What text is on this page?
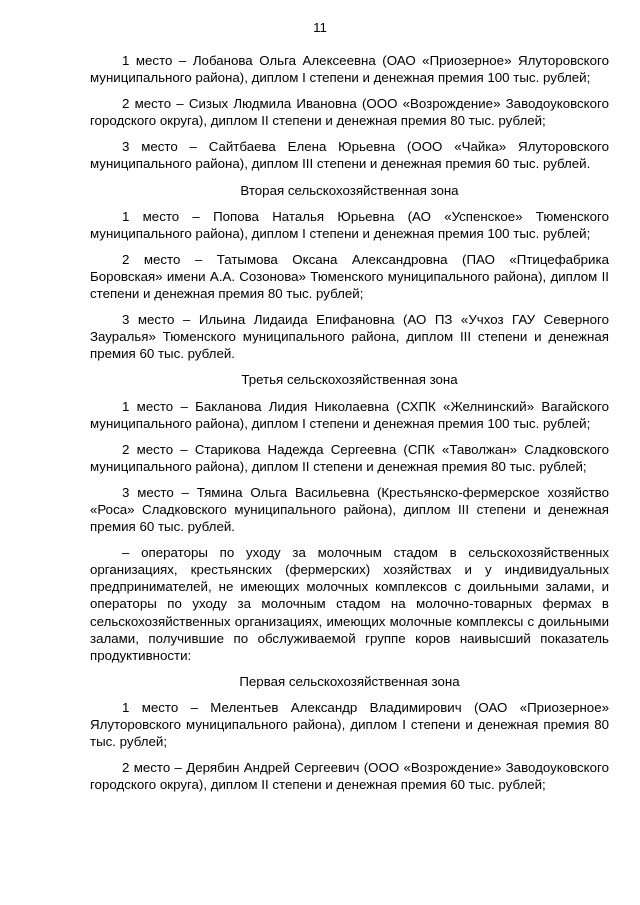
11

1 место – Лобанова Ольга Алексеевна (ОАО «Приозерное» Ялуторовского муниципального района), диплом I степени и денежная премия 100 тыс. рублей;

2 место – Сизых Людмила Ивановна (ООО «Возрождение» Заводоуковского городского округа), диплом II степени и денежная премия 80 тыс. рублей;

3 место – Сайтбаева Елена Юрьевна (ООО «Чайка» Ялуторовского муниципального района), диплом III степени и денежная премия 60 тыс. рублей.

Вторая сельскохозяйственная зона

1 место – Попова Наталья Юрьевна (АО «Успенское» Тюменского муниципального района), диплом I степени и денежная премия 100 тыс. рублей;

2 место – Татымова Оксана Александровна (ПАО «Птицефабрика Боровская» имени А.А. Созонова» Тюменского муниципального района), диплом II степени и денежная премия 80 тыс. рублей;

3 место – Ильина Лидаида Епифановна (АО ПЗ «Учхоз ГАУ Северного Зауралья» Тюменского муниципального района, диплом III степени и денежная премия 60 тыс. рублей.

Третья сельскохозяйственная зона

1 место – Бакланова Лидия Николаевна (СХПК «Желнинский» Вагайского муниципального района), диплом I степени и денежная премия 100 тыс. рублей;

2 место – Старикова Надежда Сергеевна (СПК «Таволжан» Сладковского муниципального района), диплом II степени и денежная премия 80 тыс. рублей;

3 место – Тямина Ольга Васильевна (Крестьянско-фермерское хозяйство «Роса» Сладковского муниципального района), диплом III степени и денежная премия 60 тыс. рублей.

– операторы по уходу за молочным стадом в сельскохозяйственных организациях, крестьянских (фермерских) хозяйствах и у индивидуальных предпринимателей, не имеющих молочных комплексов с доильными залами, и операторы по уходу за молочным стадом на молочно-товарных фермах в сельскохозяйственных организациях, имеющих молочные комплексы с доильными залами, получившие по обслуживаемой группе коров наивысший показатель продуктивности:

Первая сельскохозяйственная зона

1 место – Мелентьев Александр Владимирович (ОАО «Приозерное» Ялуторовского муниципального района), диплом I степени и денежная премия 80 тыс. рублей;

2 место – Дерябин Андрей Сергеевич (ООО «Возрождение» Заводоуковского городского округа), диплом II степени и денежная премия 60 тыс. рублей;
